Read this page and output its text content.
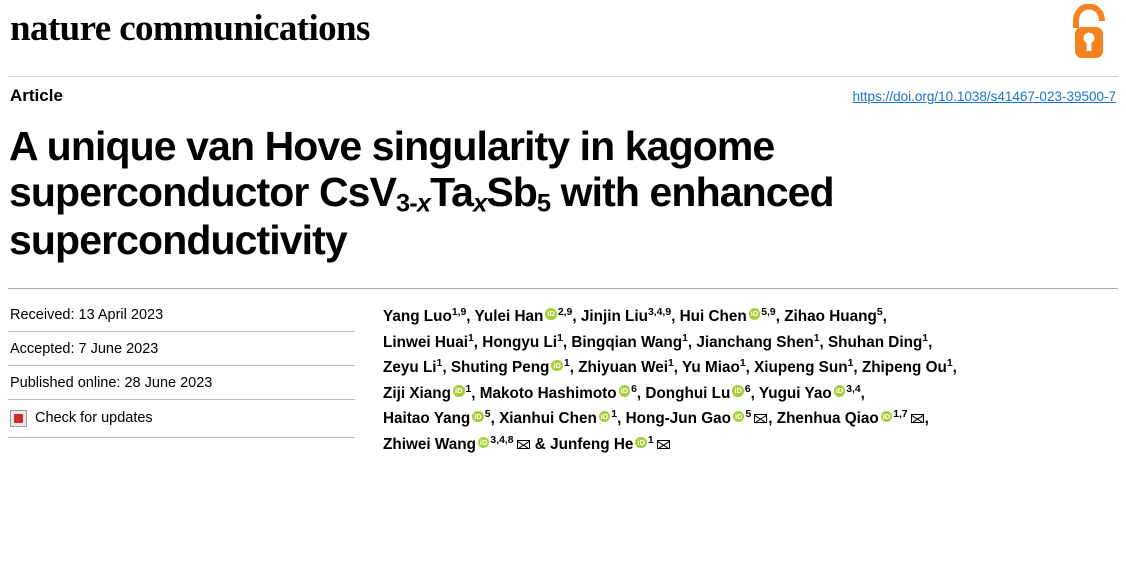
nature communications
Article	https://doi.org/10.1038/s41467-023-39500-7
A unique van Hove singularity in kagome
superconductor $CsV_{3-x}Ta_xSb_5$ with enhanced
superconductivity
Received: 13 April 2023
Accepted: 7 June 2023
Published online: 28 June 2023
Check for updates
Yang Luo$^{1,9}$, Yulei Han iD $^{2,9}$, Jinjin Liu$^{3,4,9}$, Hui Chen iD $^{5,9}$, Zihao Huang$^5$,
Linwei Huai$^1$, Hongyu Li$^1$, Bingqian Wang$^1$, Jianchang Shen$^1$, Shuhan Ding$^1$,
Zeyu Li$^1$, Shuting Peng iD $^1$, Zhiyuan Wei$^1$, Yu Miao$^1$, Xiupeng Sun$^1$, Zhipeng Ou$^1$,
Ziji Xiang iD $^1$, Makoto Hashimoto iD $^6$, Donghui Lu iD $^6$, Yugui Yao iD $^{3,4}$,
Haitao Yang iD $^5$, Xianhui Chen iD $^1$, Hong-Jun Gao iD $^5$ , Zhenhua Qiao iD $^{1,7}$ ,
Zhiwei Wang iD $^{3,4,8}$ & Junfeng He iD $^1$
